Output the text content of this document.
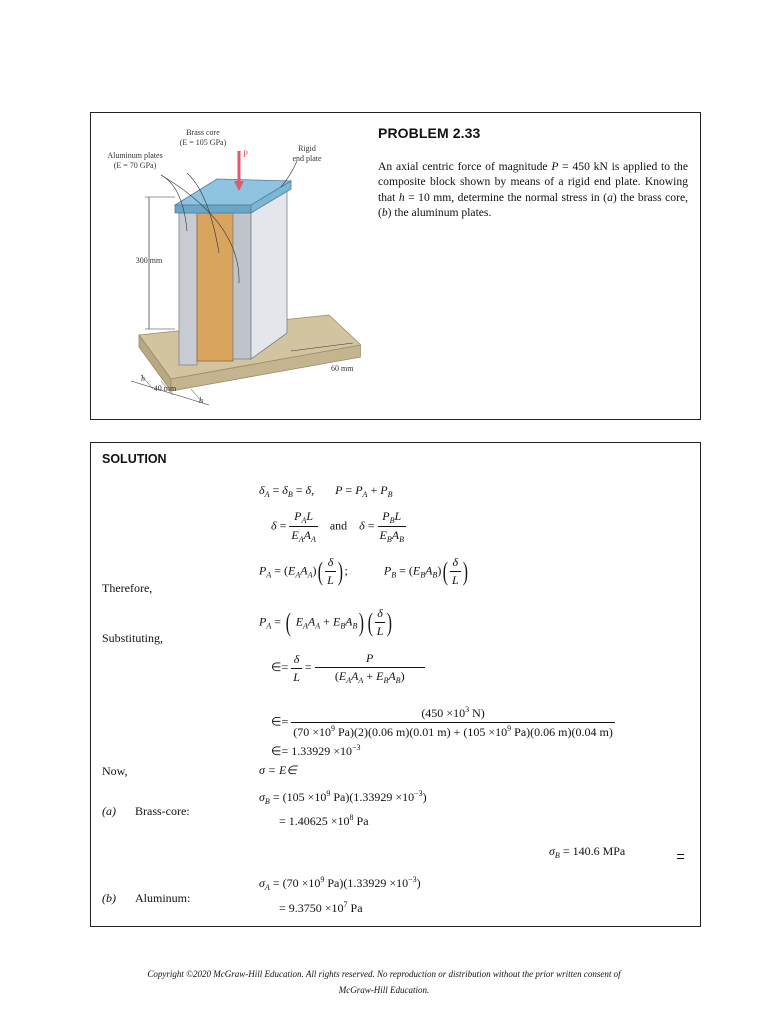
Brass core
(E = 105 GPa)
Aluminum plates
(E = 70 GPa)
Rigid
end plate
P
300 mm
60 mm
40 mm
h
h
PROBLEM 2.33
An axial centric force of magnitude P = 450 kN is applied to the composite block shown by means of a rigid end plate. Knowing that h = 10 mm, determine the normal stress in (a) the brass core, (b) the aluminum plates.
SOLUTION
$\delta_A = \delta_B = \delta$,       $P = P_A + P_B$
$\delta = \frac{P_AL}{E_AA_A}$ and $\delta = \frac{P_BL}{E_BA_B}$
$P_A = (E_AA_A)( \frac{\delta}{L}$ ) ;            $P_B = (E_BA_B)( \frac{\delta}{L}$ )
Therefore,
$P_A$ = ( $E_AA_A + E_BA_B$) ( $\frac{\delta}{L}$ )
Substituting,
∈= $\frac{\delta}{L} = \frac{P}{(E_AA_A + E_BA_B)}$
∈=
($450 \times 10^3$ N)
($70 \times 10^9$ Pa)(2)(0.06 m)(0.01 $m) + (105 \times 10^9$ Pa)(0.06 m)(0.04 m)
∈= $1.33929 \times 10^{-3}$
Now,	σ = E∈
$\sigma_B = (105 \times 10^9$ $Pa)(1.33929 \times 10^{-3})$
(a) Brass-core:
= $1.40625 \times 10^8$ Pa
$\sigma_B = 140.6$ MPa
$\sigma_A = (70 \times 10^9$ $Pa)(1.33929 \times 10^{-3})$
(b) Aluminum:
= $9.3750 \times 10^7$ Pa
Copyright ©2020 McGraw-Hill Education. All rights reserved. No reproduction or distribution without the prior written consent of
McGraw-Hill Education.
